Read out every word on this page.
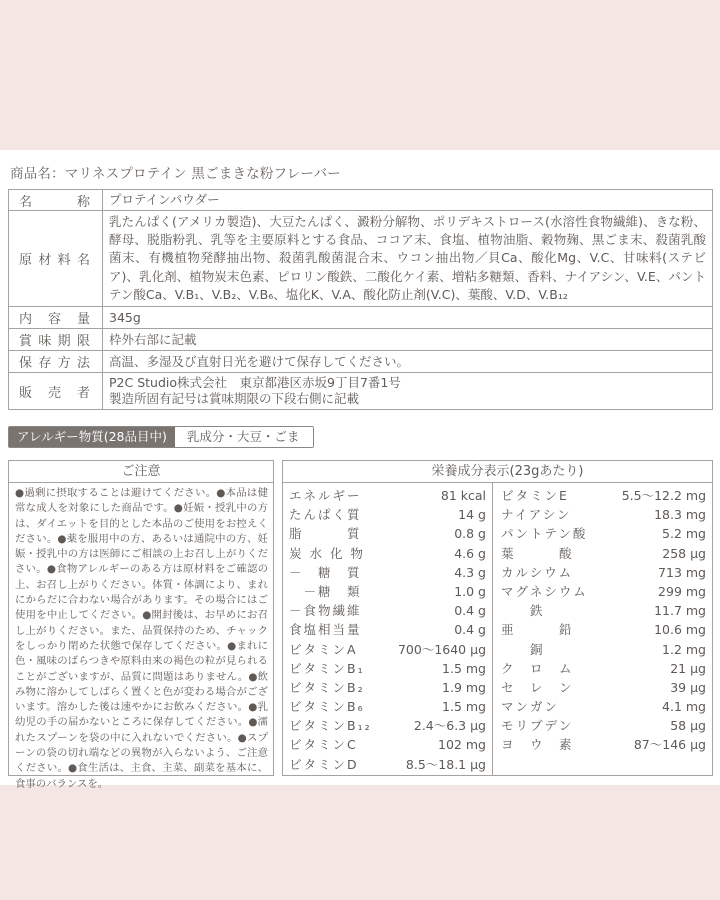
商品名：マリネスプロテイン 黒ごまきな粉フレーバー
名　　称	プロテインパウダー
原材料名	乳たんぱく(アメリカ製造)、大豆たんぱく、澱粉分解物、ポリデキストロース(水溶性食物繊維)、きな粉、酵母、脱脂粉乳、乳等を主要原料とする食品、ココア末、食塩、植物油脂、穀物麹、黒ごま末、殺菌乳酸菌末、有機植物発酵抽出物、殺菌乳酸菌混合末、ウコン抽出物／貝Ca、酸化Mg、V.C、甘味料(ステビア)、乳化剤、植物炭末色素、ピロリン酸鉄、二酸化ケイ素、増粘多糖類、香料、ナイアシン、V.E、パントテン酸Ca、V.B₁、V.B₂、V.B₆、塩化K、V.A、酸化防止剤(V.C)、葉酸、V.D、V.B₁₂
内 容 量	345g
賞味期限	枠外右部に記載
保存方法	高温、多湿及び直射日光を避けて保存してください。
販 売 者	P2C Studio株式会社　東京都港区赤坂9丁目7番1号
製造所固有記号は賞味期限の下段右側に記載
アレルギー物質(28品目中)	乳成分・大豆・ごま
ご注意
●過剰に摂取することは避けてください。●本品は健常な成人を対象にした商品です。●妊娠・授乳中の方は、ダイエットを目的とした本品のご使用をお控えください。●薬を服用中の方、あるいは通院中の方、妊娠・授乳中の方は医師にご相談の上お召し上がりください。●食物アレルギーのある方は原材料をご確認の上、お召し上がりください。体質・体調により、まれにからだに合わない場合があります。その場合にはご使用を中止してください。●開封後は、お早めにお召し上がりください。また、品質保持のため、チャックをしっかり閉めた状態で保存してください。●まれに色・風味のばらつきや原料由来の褐色の粒が見られることがございますが、品質に問題はありません。●飲み物に溶かしてしばらく置くと色が変わる場合がございます。溶かした後は速やかにお飲みください。●乳幼児の手の届かないところに保存してください。●濡れたスプーンを袋の中に入れないでください。●スプーンの袋の切れ端などの異物が入らないよう、ご注意ください。●食生活は、主食、主菜、副菜を基本に、食事のバランスを。
栄養成分表示(23gあたり)
エネルギー	81 kcal
たんぱく質	14 g
脂　　　質	0.8 g
炭 水 化 物	4.6 g
－　糖　質	4.3 g
　－糖　類	1.0 g
－食物繊維	0.4 g
食塩相当量	0.4 g
ビタミンA	700～1640 µg
ビタミンB₁	1.5 mg
ビタミンB₂	1.9 mg
ビタミンB₆	1.5 mg
ビタミンB₁₂	2.4～6.3 µg
ビタミンC	102 mg
ビタミンD	8.5～18.1 µg
ビタミンE	5.5～12.2 mg
ナイアシン	18.3 mg
パントテン酸	5.2 mg
葉　　　酸	258 µg
カルシウム	713 mg
マグネシウム	299 mg
　　鉄	11.7 mg
亜　　　鉛	10.6 mg
　　銅	1.2 mg
ク　ロ　ム	21 µg
セ　レ　ン	39 µg
マンガン	4.1 mg
モリブデン	58 µg
ヨ　ウ　素	87～146 µg
